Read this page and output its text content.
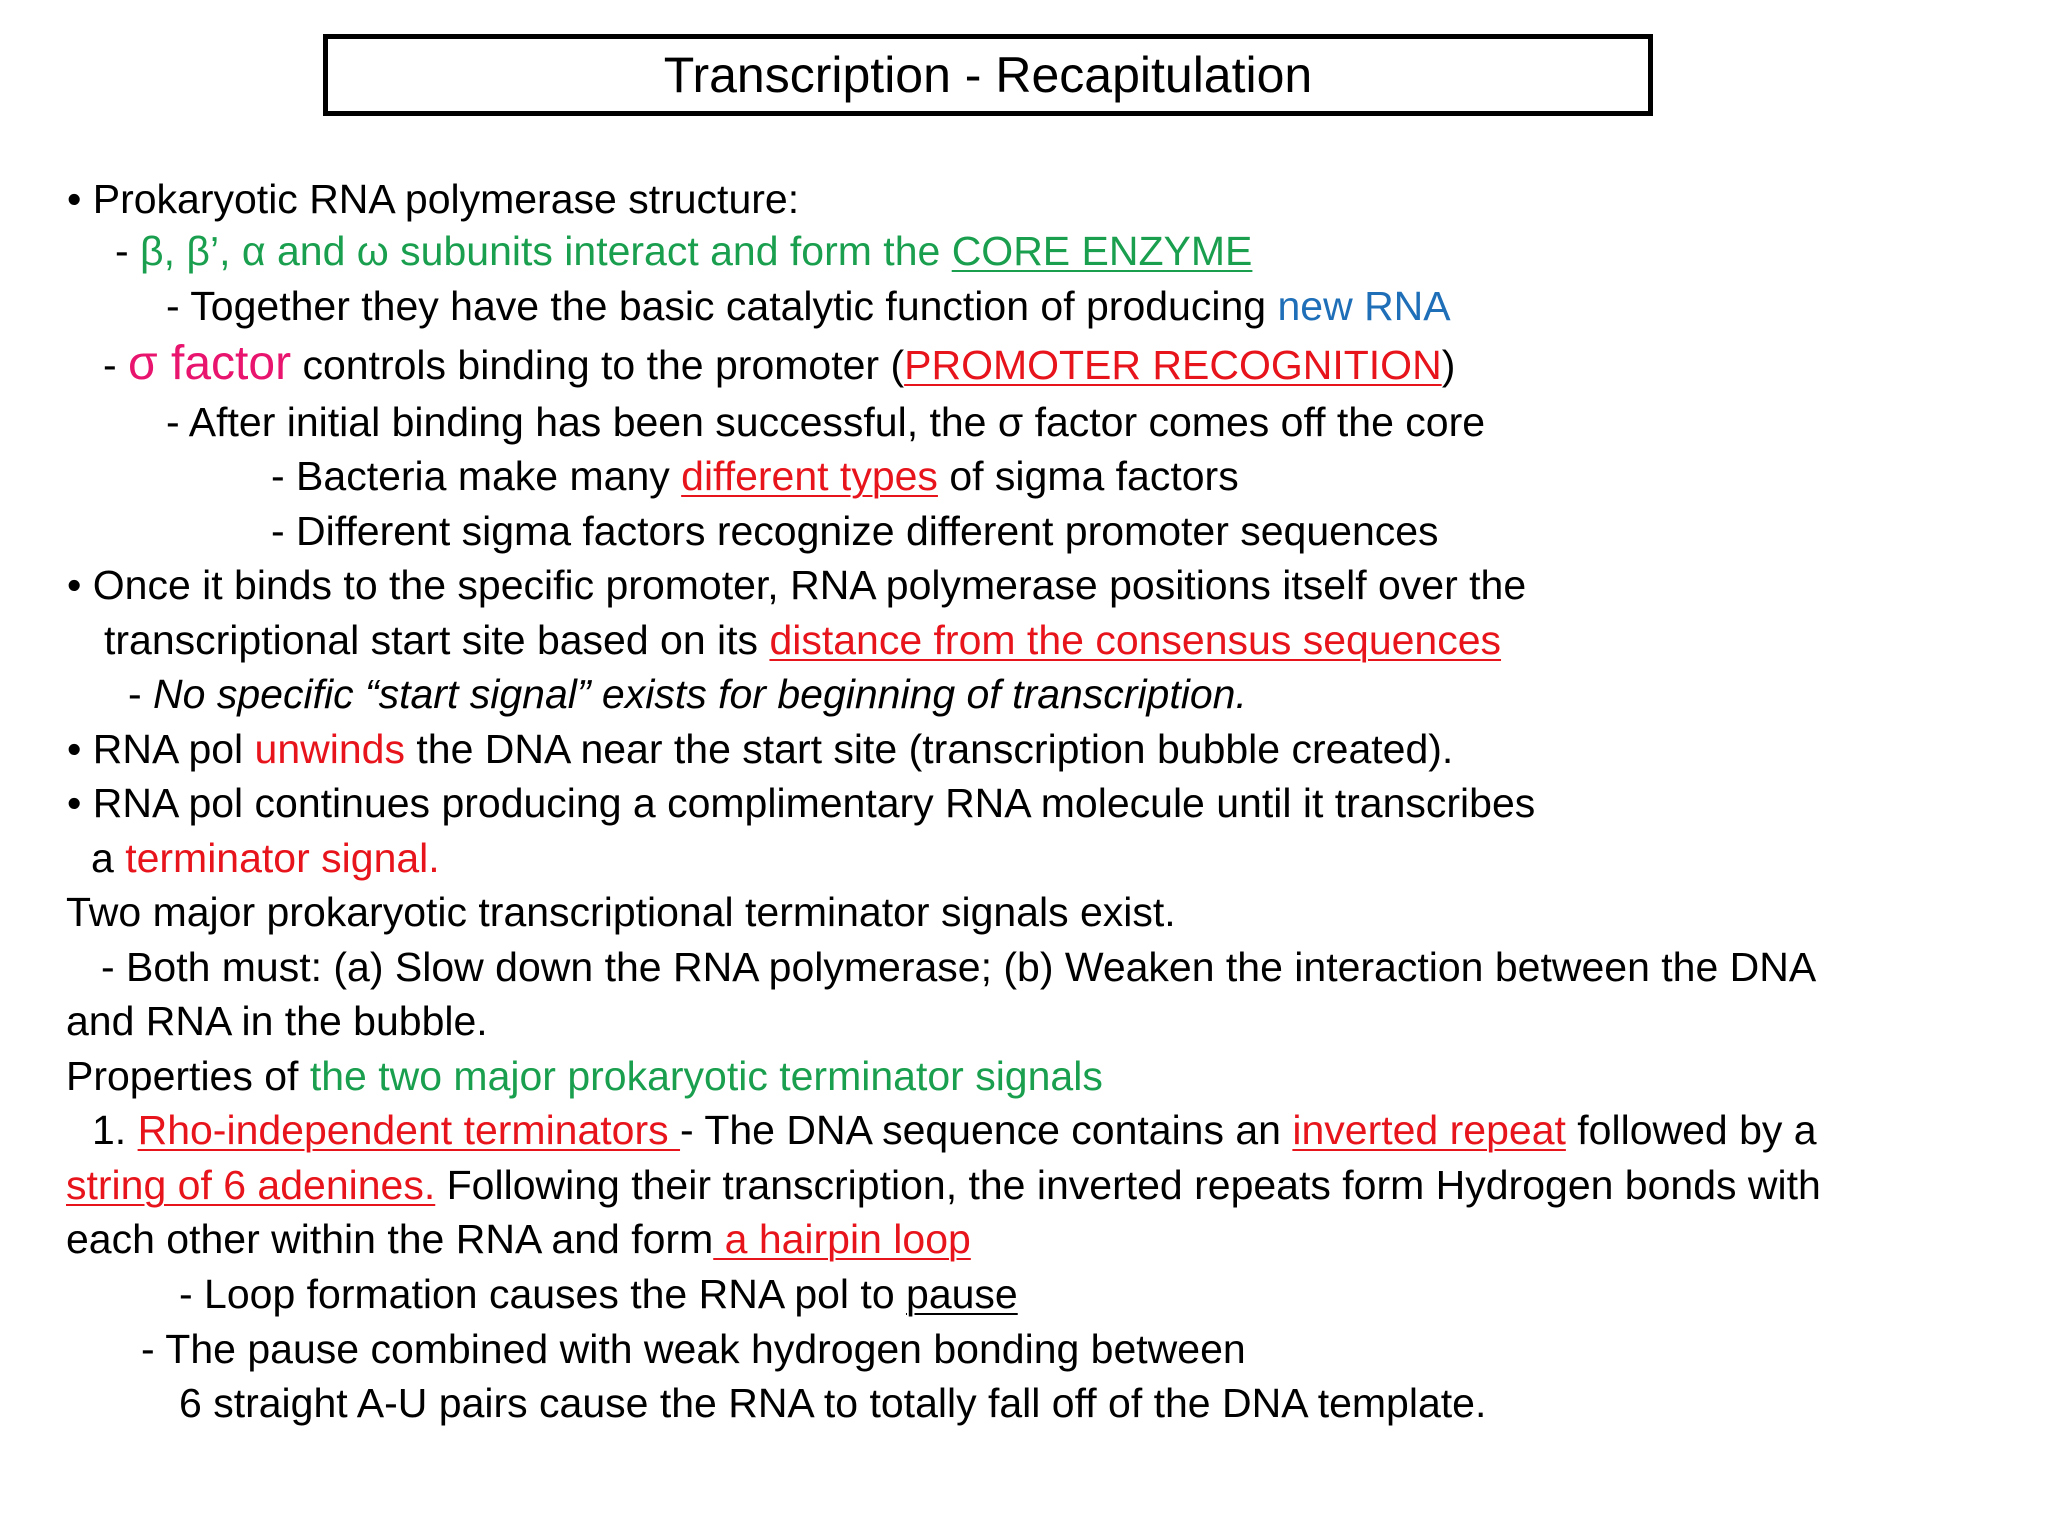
Transcription - Recapitulation
• Prokaryotic RNA polymerase structure:
- β, β’, α and ω subunits interact and form the CORE ENZYME
- Together they have the basic catalytic function of producing new RNA
- σ factor controls binding to the promoter (PROMOTER RECOGNITION)
- After initial binding has been successful, the σ factor comes off the core
- Bacteria make many different types of sigma factors
- Different sigma factors recognize different promoter sequences
• Once it binds to the specific promoter, RNA polymerase positions itself over the
transcriptional start site based on its distance from the consensus sequences
- No specific “start signal” exists for beginning of transcription.
• RNA pol unwinds the DNA near the start site (transcription bubble created).
• RNA pol continues producing a complimentary RNA molecule until it transcribes
a terminator signal.
Two major prokaryotic transcriptional terminator signals exist.
- Both must: (a) Slow down the RNA polymerase; (b) Weaken the interaction between the DNA
and RNA in the bubble.
Properties of the two major prokaryotic terminator signals
1. Rho-independent terminators - The DNA sequence contains an inverted repeat followed by a
string of 6 adenines. Following their transcription, the inverted repeats form Hydrogen bonds with
each other within the RNA and form a hairpin loop
- Loop formation causes the RNA pol to pause
- The pause combined with weak hydrogen bonding between
6 straight A-U pairs cause the RNA to totally fall off of the DNA template.
